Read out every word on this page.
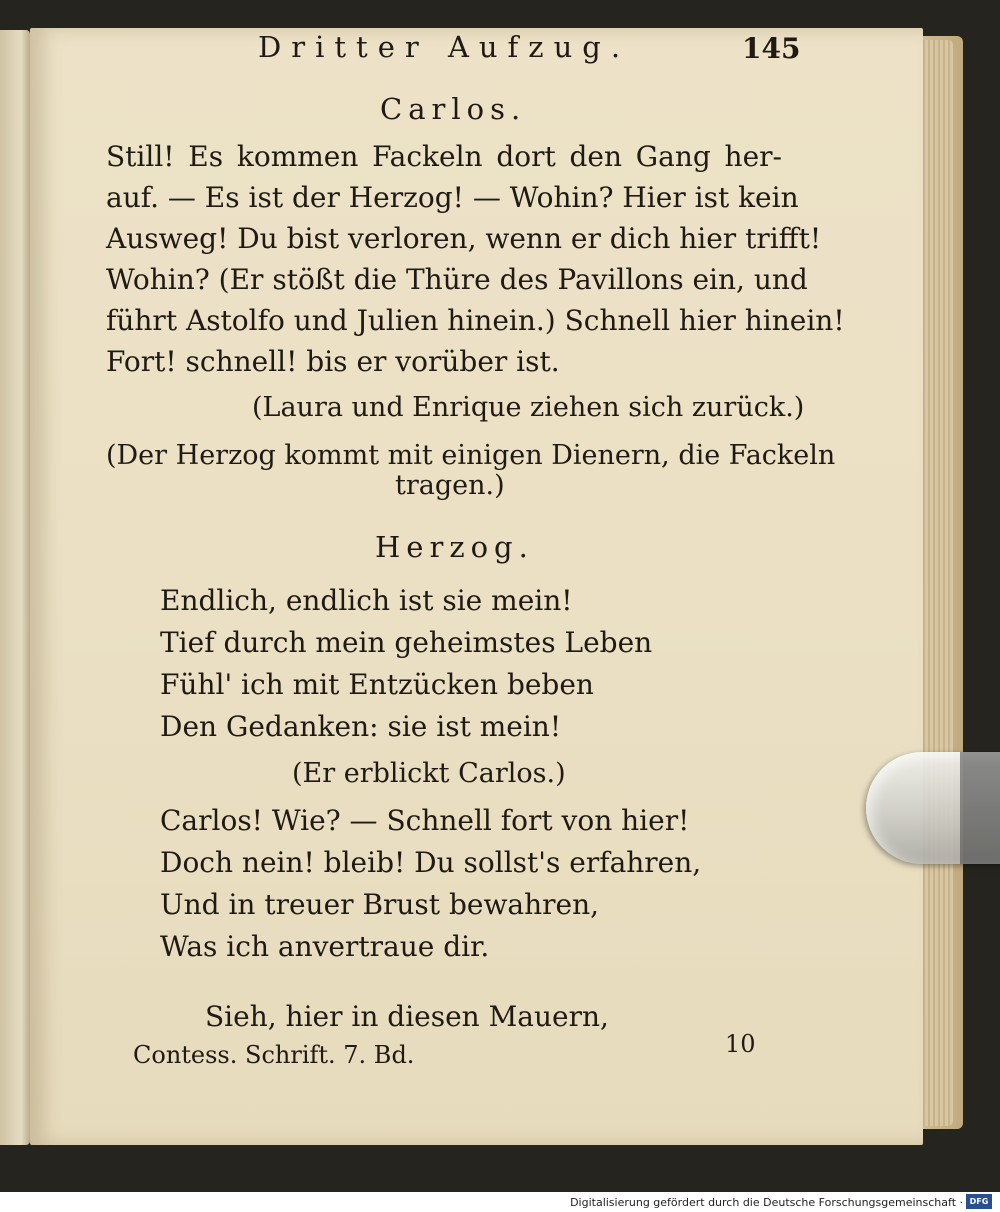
Dritter Aufzug.	145
Carlos.
Still! Es kommen Fackeln dort den Gang her-
auf. — Es ist der Herzog! — Wohin? Hier ist kein
Ausweg! Du bist verloren, wenn er dich hier trifft!
Wohin? (Er stößt die Thüre des Pavillons ein, und
führt Astolfo und Julien hinein.) Schnell hier hinein!
Fort! schnell! bis er vorüber ist.
(Laura und Enrique ziehen sich zurück.)
(Der Herzog kommt mit einigen Dienern, die Fackeln
tragen.)
Herzog.
Endlich, endlich ist sie mein!
Tief durch mein geheimstes Leben
Fühl' ich mit Entzücken beben
Den Gedanken: sie ist mein!
(Er erblickt Carlos.)
Carlos! Wie? — Schnell fort von hier!
Doch nein! bleib! Du sollst's erfahren,
Und in treuer Brust bewahren,
Was ich anvertraue dir.
Sieh, hier in diesen Mauern,
Contess. Schrift. 7. Bd.	10
Digitalisierung gefördert durch die Deutsche Forschungsgemeinschaft · DFG
